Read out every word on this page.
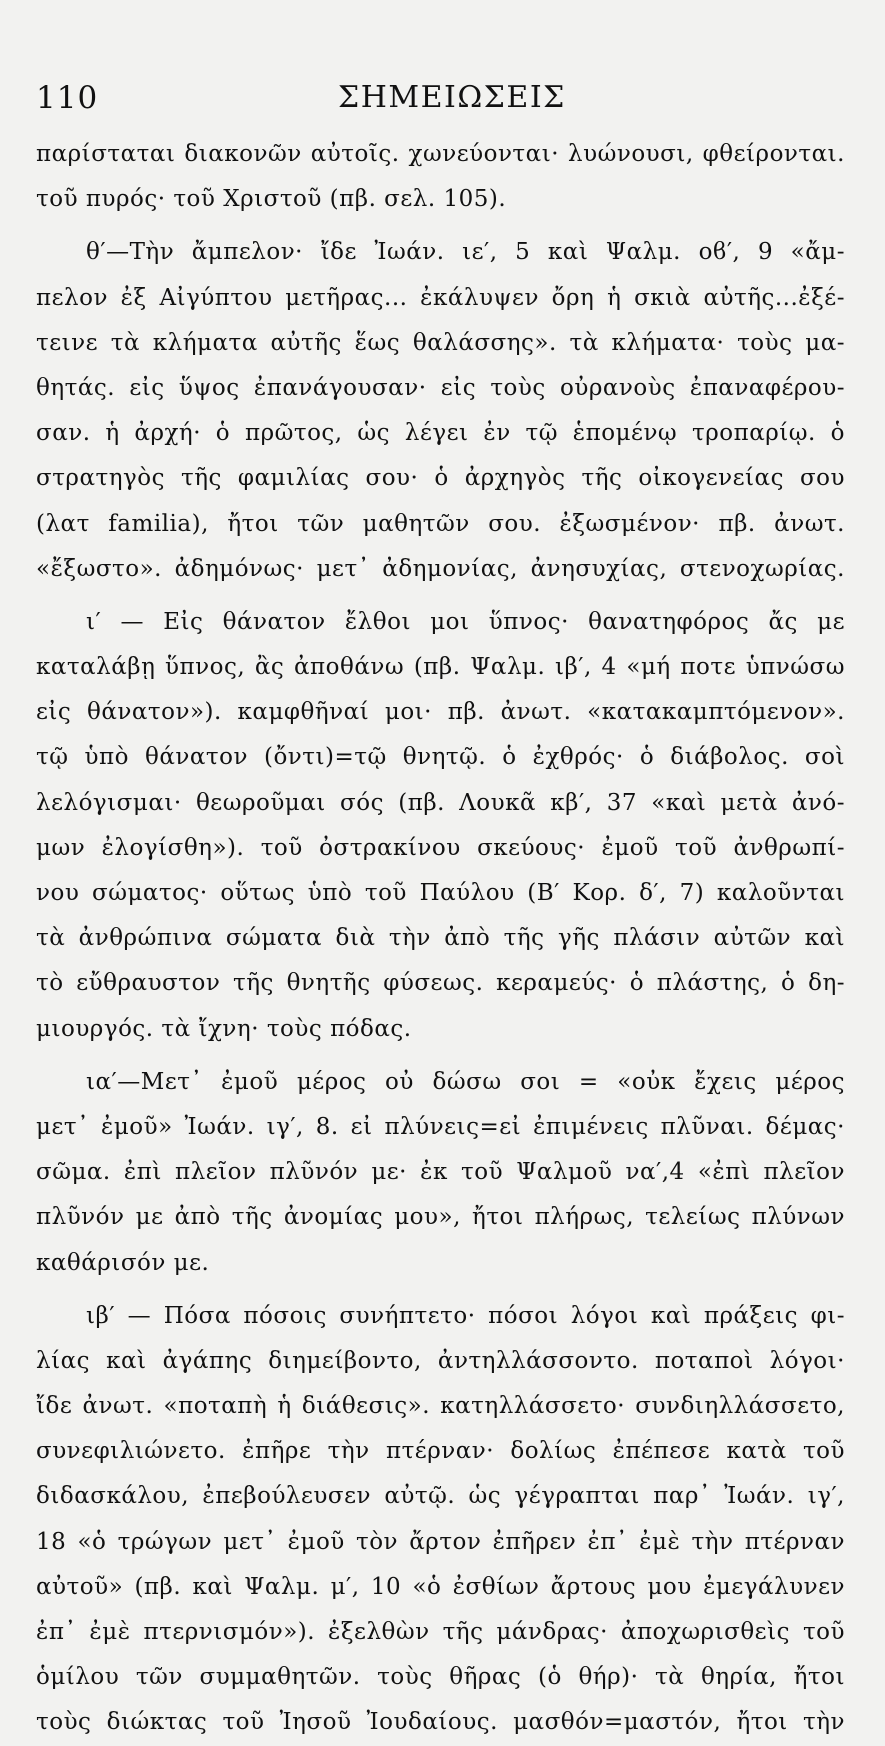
110	ΣΗΜΕΙΩΣΕΙΣ
παρίσταται διακονῶν αὐτοῖς. χωνεύονται· λυώνουσι, φθείρονται.
τοῦ πυρός· τοῦ Χριστοῦ (πβ. σελ. 105).
θ′—Τὴν ἄμπελον· ἴδε Ἰωάν. ιε′, 5 καὶ Ψαλμ. οϐ′, 9 «ἄμ-
πελον ἐξ Αἰγύπτου μετῆρας... ἐκάλυψεν ὄρη ἡ σκιὰ αὐτῆς...ἐξέ-
τεινε τὰ κλήματα αὐτῆς ἕως θαλάσσης». τὰ κλήματα· τοὺς μα-
θητάς. εἰς ὕψος ἐπανάγουσαν· εἰς τοὺς οὐρανοὺς ἐπαναφέρου-
σαν. ἡ ἀρχή· ὁ πρῶτος, ὡς λέγει ἐν τῷ ἑπομένῳ τροπαρίῳ. ὁ
στρατηγὸς τῆς φαμιλίας σου· ὁ ἀρχηγὸς τῆς οἰκογενείας σου
(λατ familia), ἤτοι τῶν μαθητῶν σου. ἐξωσμένον· πβ. ἀνωτ.
«ἔξωστο». ἀδημόνως· μετ᾿ ἀδημονίας, ἀνησυχίας, στενοχωρίας.
ι′ — Εἰς θάνατον ἔλθοι μοι ὕπνος· θανατηφόρος ἄς με
καταλάβῃ ὕπνος, ἂς ἀποθάνω (πβ. Ψαλμ. ιβ′, 4 «μή ποτε ὑπνώσω
εἰς θάνατον»). καμφθῆναί μοι· πβ. ἀνωτ. «κατακαμπτόμενον».
τῷ ὑπὸ θάνατον (ὄντι)=τῷ θνητῷ. ὁ ἐχθρός· ὁ διάβολος. σοὶ
λελόγισμαι· θεωροῦμαι σός (πβ. Λουκᾶ κβ′, 37 «καὶ μετὰ ἀνό-
μων ἐλογίσθη»). τοῦ ὀστρακίνου σκεύους· ἐμοῦ τοῦ ἀνθρωπί-
νου σώματος· οὕτως ὑπὸ τοῦ Παύλου (Β′ Κορ. δ′, 7) καλοῦνται
τὰ ἀνθρώπινα σώματα διὰ τὴν ἀπὸ τῆς γῆς πλάσιν αὐτῶν καὶ
τὸ εὔθραυστον τῆς θνητῆς φύσεως. κεραμεύς· ὁ πλάστης, ὁ δη-
μιουργός. τὰ ἴχνη· τοὺς πόδας.
ια′—Μετ᾿ ἐμοῦ μέρος οὐ δώσω σοι = «οὐκ ἔχεις μέρος
μετ᾿ ἐμοῦ» Ἰωάν. ιγ′, 8. εἰ πλύνεις=εἰ ἐπιμένεις πλῦναι. δέμας·
σῶμα. ἐπὶ πλεῖον πλῦνόν με· ἐκ τοῦ Ψαλμοῦ να′,4 «ἐπὶ πλεῖον
πλῦνόν με ἀπὸ τῆς ἀνομίας μου», ἤτοι πλήρως, τελείως πλύνων
καθάρισόν με.
ιβ′ — Πόσα πόσοις συνήπτετο· πόσοι λόγοι καὶ πράξεις φι-
λίας καὶ ἀγάπης διημείβοντο, ἀντηλλάσσοντο. ποταποὶ λόγοι·
ἴδε ἀνωτ. «ποταπὴ ἡ διάθεσις». κατηλλάσσετο· συνδιηλλάσσετο,
συνεφιλιώνετο. ἐπῆρε τὴν πτέρναν· δολίως ἐπέπεσε κατὰ τοῦ
διδασκάλου, ἐπεβούλευσεν αὐτῷ. ὡς γέγραπται παρ᾿ Ἰωάν. ιγ′,
18 «ὁ τρώγων μετ᾿ ἐμοῦ τὸν ἄρτον ἐπῆρεν ἐπ᾿ ἐμὲ τὴν πτέρναν
αὐτοῦ» (πβ. καὶ Ψαλμ. μ′, 10 «ὁ ἐσθίων ἄρτους μου ἐμεγάλυνεν
ἐπ᾿ ἐμὲ πτερνισμόν»). ἐξελθὼν τῆς μάνδρας· ἀποχωρισθεὶς τοῦ
ὁμίλου τῶν συμμαθητῶν. τοὺς θῆρας (ὁ θήρ)· τὰ θηρία, ἤτοι
τοὺς διώκτας τοῦ Ἰησοῦ Ἰουδαίους. μασθόν=μαστόν, ἤτοι τὴν
